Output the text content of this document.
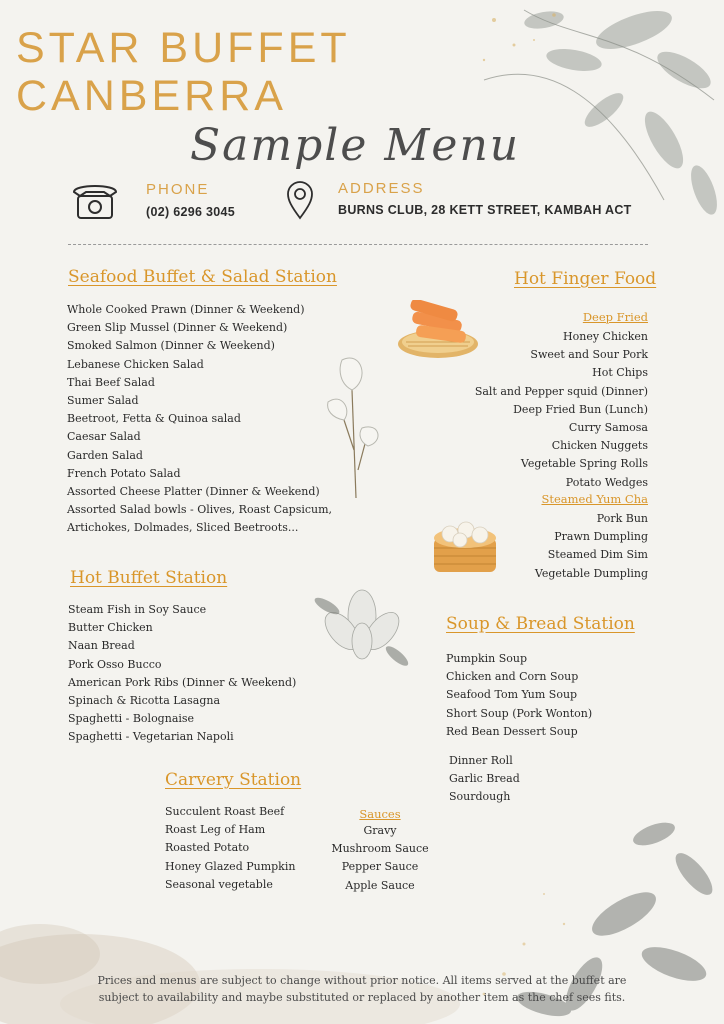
STAR BUFFET
CANBERRA
Sample Menu
PHONE
(02) 6296 3045
ADDRESS
BURNS CLUB, 28 KETT STREET, KAMBAH ACT
Seafood Buffet & Salad Station
Whole Cooked Prawn (Dinner & Weekend)
Green Slip Mussel (Dinner & Weekend)
Smoked Salmon (Dinner & Weekend)
Lebanese Chicken Salad
Thai Beef Salad
Sumer Salad
Beetroot, Fetta & Quinoa salad
Caesar Salad
Garden Salad
French Potato Salad
Assorted Cheese Platter (Dinner & Weekend)
Assorted Salad bowls - Olives, Roast Capsicum,
Artichokes, Dolmades, Sliced Beetroots...
Hot Finger Food
Deep Fried
Honey Chicken
Sweet and Sour Pork
Hot Chips
Salt and Pepper squid (Dinner)
Deep Fried Bun (Lunch)
Curry Samosa
Chicken Nuggets
Vegetable Spring Rolls
Potato Wedges
Steamed Yum Cha
Pork Bun
Prawn Dumpling
Steamed Dim Sim
Vegetable Dumpling
Hot Buffet Station
Steam Fish in Soy Sauce
Butter Chicken
Naan Bread
Pork Osso Bucco
American Pork Ribs (Dinner & Weekend)
Spinach & Ricotta Lasagna
Spaghetti - Bolognaise
Spaghetti - Vegetarian Napoli
Soup & Bread Station
Pumpkin Soup
Chicken and Corn Soup
Seafood Tom Yum Soup
Short Soup (Pork Wonton)
Red Bean Dessert Soup
Dinner Roll
Garlic Bread
Sourdough
Carvery Station
Succulent Roast Beef
Roast Leg of Ham
Roasted Potato
Honey Glazed Pumpkin
Seasonal vegetable
Sauces
Gravy
Mushroom Sauce
Pepper Sauce
Apple Sauce
Prices and menus are subject to change without prior notice. All items served at the buffet are
subject to availability and maybe substituted or replaced by another item as the chef sees fits.
